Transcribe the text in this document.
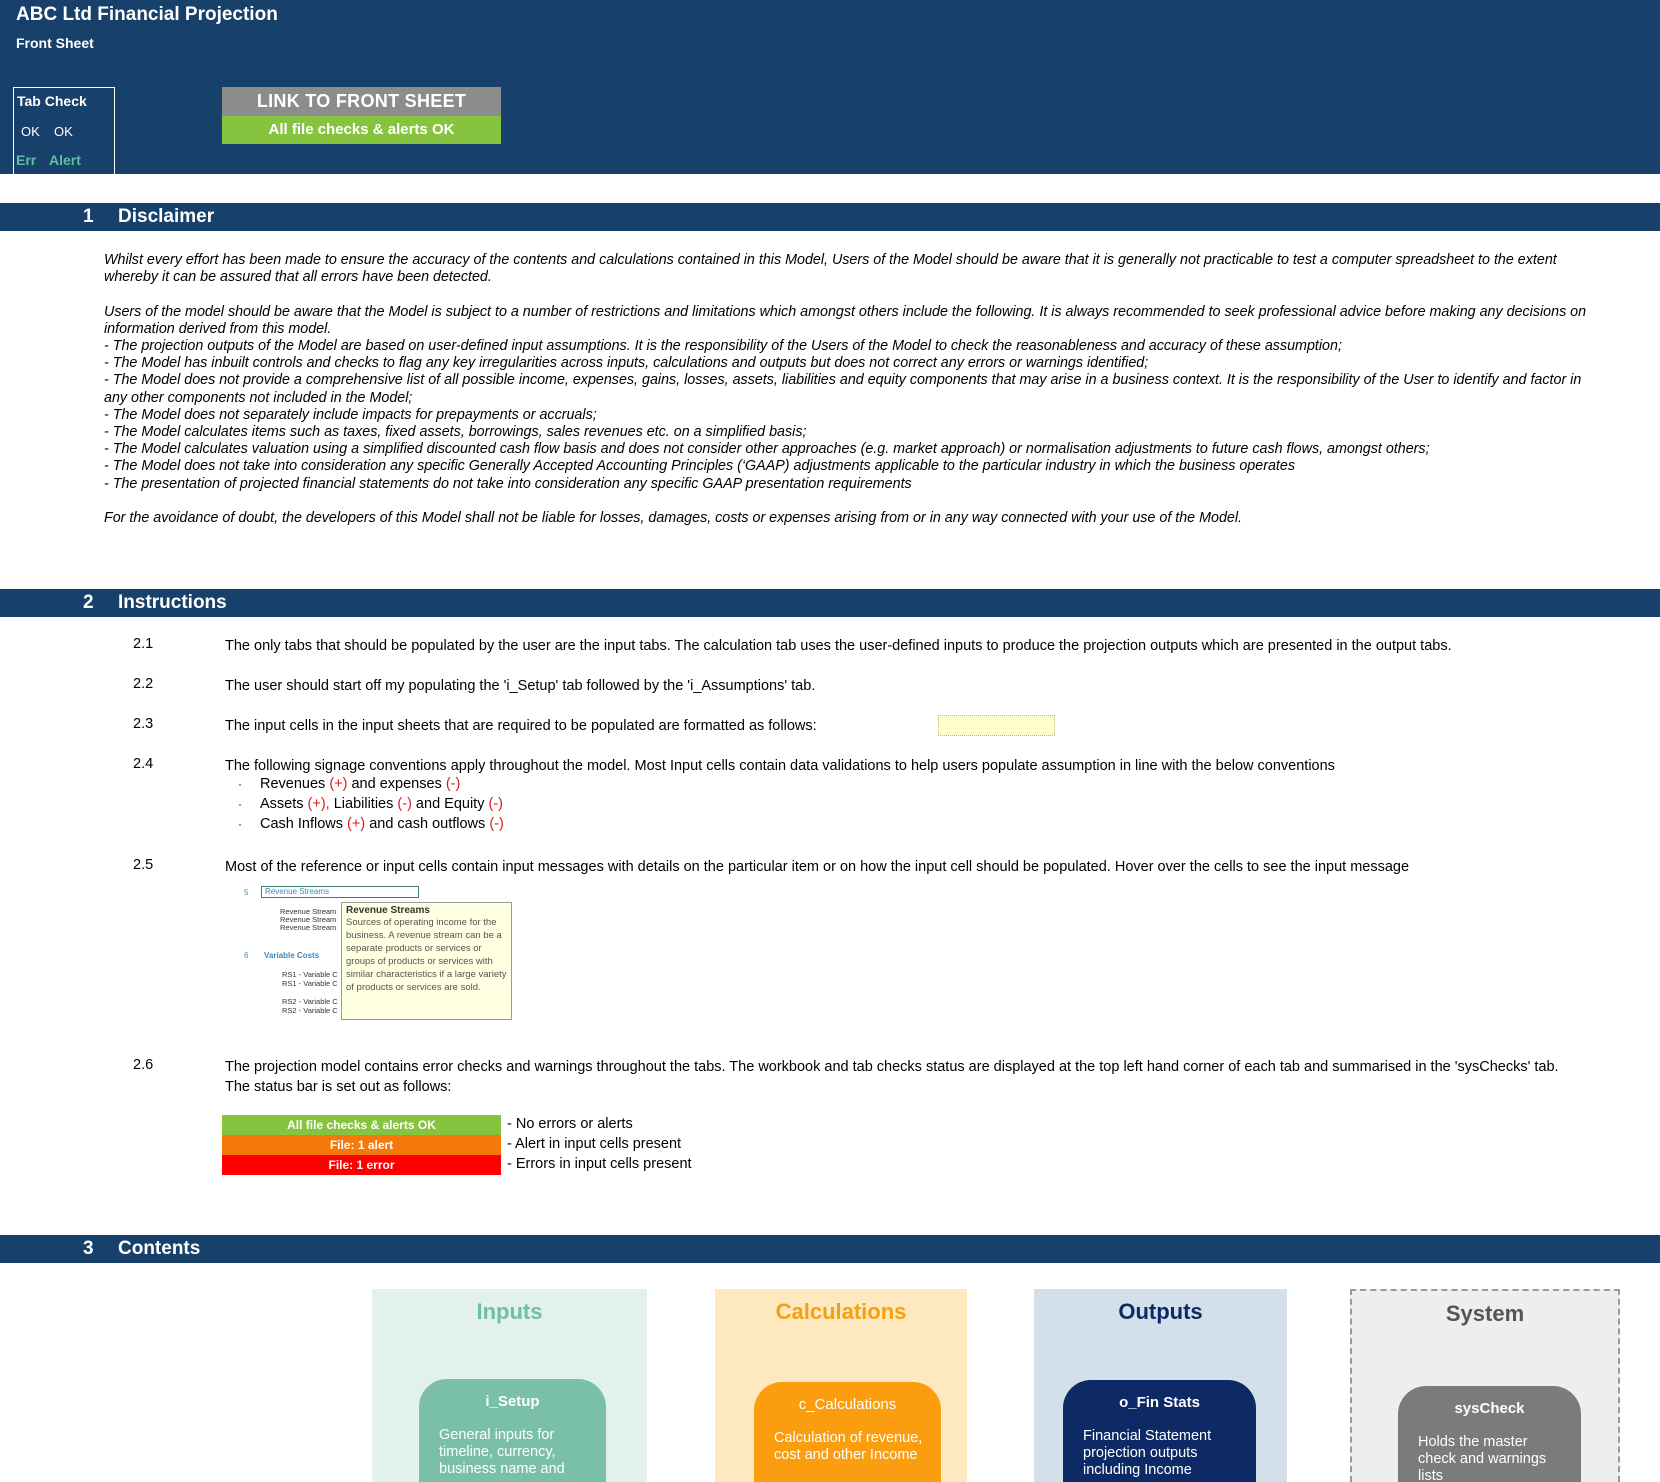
ABC Ltd Financial Projection
Front Sheet
Tab Check
OK OK
Err Alert
LINK TO FRONT SHEET
All file checks & alerts OK
1 Disclaimer

Whilst every effort has been made to ensure the accuracy of the contents and calculations contained in this Model, Users of the Model should be aware that it is generally not practicable to test a computer spreadsheet to the extent whereby it can be assured that all errors have been detected.

Users of the model should be aware that the Model is subject to a number of restrictions and limitations which amongst others include the following. It is always recommended to seek professional advice before making any decisions on information derived from this model.

- The projection outputs of the Model are based on user-defined input assumptions. It is the responsibility of the Users of the Model to check the reasonableness and accuracy of these assumption;
- The Model has inbuilt controls and checks to flag any key irregularities across inputs, calculations and outputs but does not correct any errors or warnings identified;
- The Model does not provide a comprehensive list of all possible income, expenses, gains, losses, assets, liabilities and equity components that may arise in a business context. It is the responsibility of the User to identify and factor in any other components not included in the Model;
- The Model does not separately include impacts for prepayments or accruals;
- The Model calculates items such as taxes, fixed assets, borrowings, sales revenues etc. on a simplified basis;
- The Model calculates valuation using a simplified discounted cash flow basis and does not consider other approaches (e.g. market approach) or normalisation adjustments to future cash flows, amongst others;
- The Model does not take into consideration any specific Generally Accepted Accounting Principles (‘GAAP) adjustments applicable to the particular industry in which the business operates
- The presentation of projected financial statements do not take into consideration any specific GAAP presentation requirements

For the avoidance of doubt, the developers of this Model shall not be liable for losses, damages, costs or expenses arising from or in any way connected with your use of the Model.

2 Instructions
2.1	The only tabs that should be populated by the user are the input tabs. The calculation tab uses the user-defined inputs to produce the projection outputs which are presented in the output tabs.
2.2	The user should start off my populating the 'i_Setup' tab followed by the 'i_Assumptions' tab.
2.3	The input cells in the input sheets that are required to be populated are formatted as follows:
2.4	The following signage conventions apply throughout the model. Most Input cells contain data validations to help users populate assumption in line with the below conventions
· Revenues (+) and expenses (-)
· Assets (+), Liabilities (-) and Equity (-)
· Cash Inflows (+) and cash outflows (-)
2.5	Most of the reference or input cells contain input messages with details on the particular item or on how the input cell should be populated. Hover over the cells to see the input message
5	Revenue Streams
Revenue Stream
Revenue Stream
Revenue Stream
6 Variable Costs
RS1 - Variable C
RS1 - Variable C
RS2 - Variable C
RS2 - Variable C
Revenue Streams
Sources of operating income for the business. A revenue stream can be a separate products or services or groups of products or services with similar characteristics if a large variety of products or services are sold.
2.6	The projection model contains error checks and warnings throughout the tabs. The workbook and tab checks status are displayed at the top left hand corner of each tab and summarised in the 'sysChecks' tab.
The status bar is set out as follows:
All file checks & alerts OK	- No errors or alerts
File: 1 alert	- Alert in input cells present
File: 1 error	- Errors in input cells present
3 Contents
Inputs
i_Setup
General inputs for timeline, currency, business name and
Calculations
c_Calculations
Calculation of revenue, cost and other Income
Outputs
o_Fin Stats
Financial Statement projection outputs including Income
System
sysCheck
Holds the master check and warnings lists
